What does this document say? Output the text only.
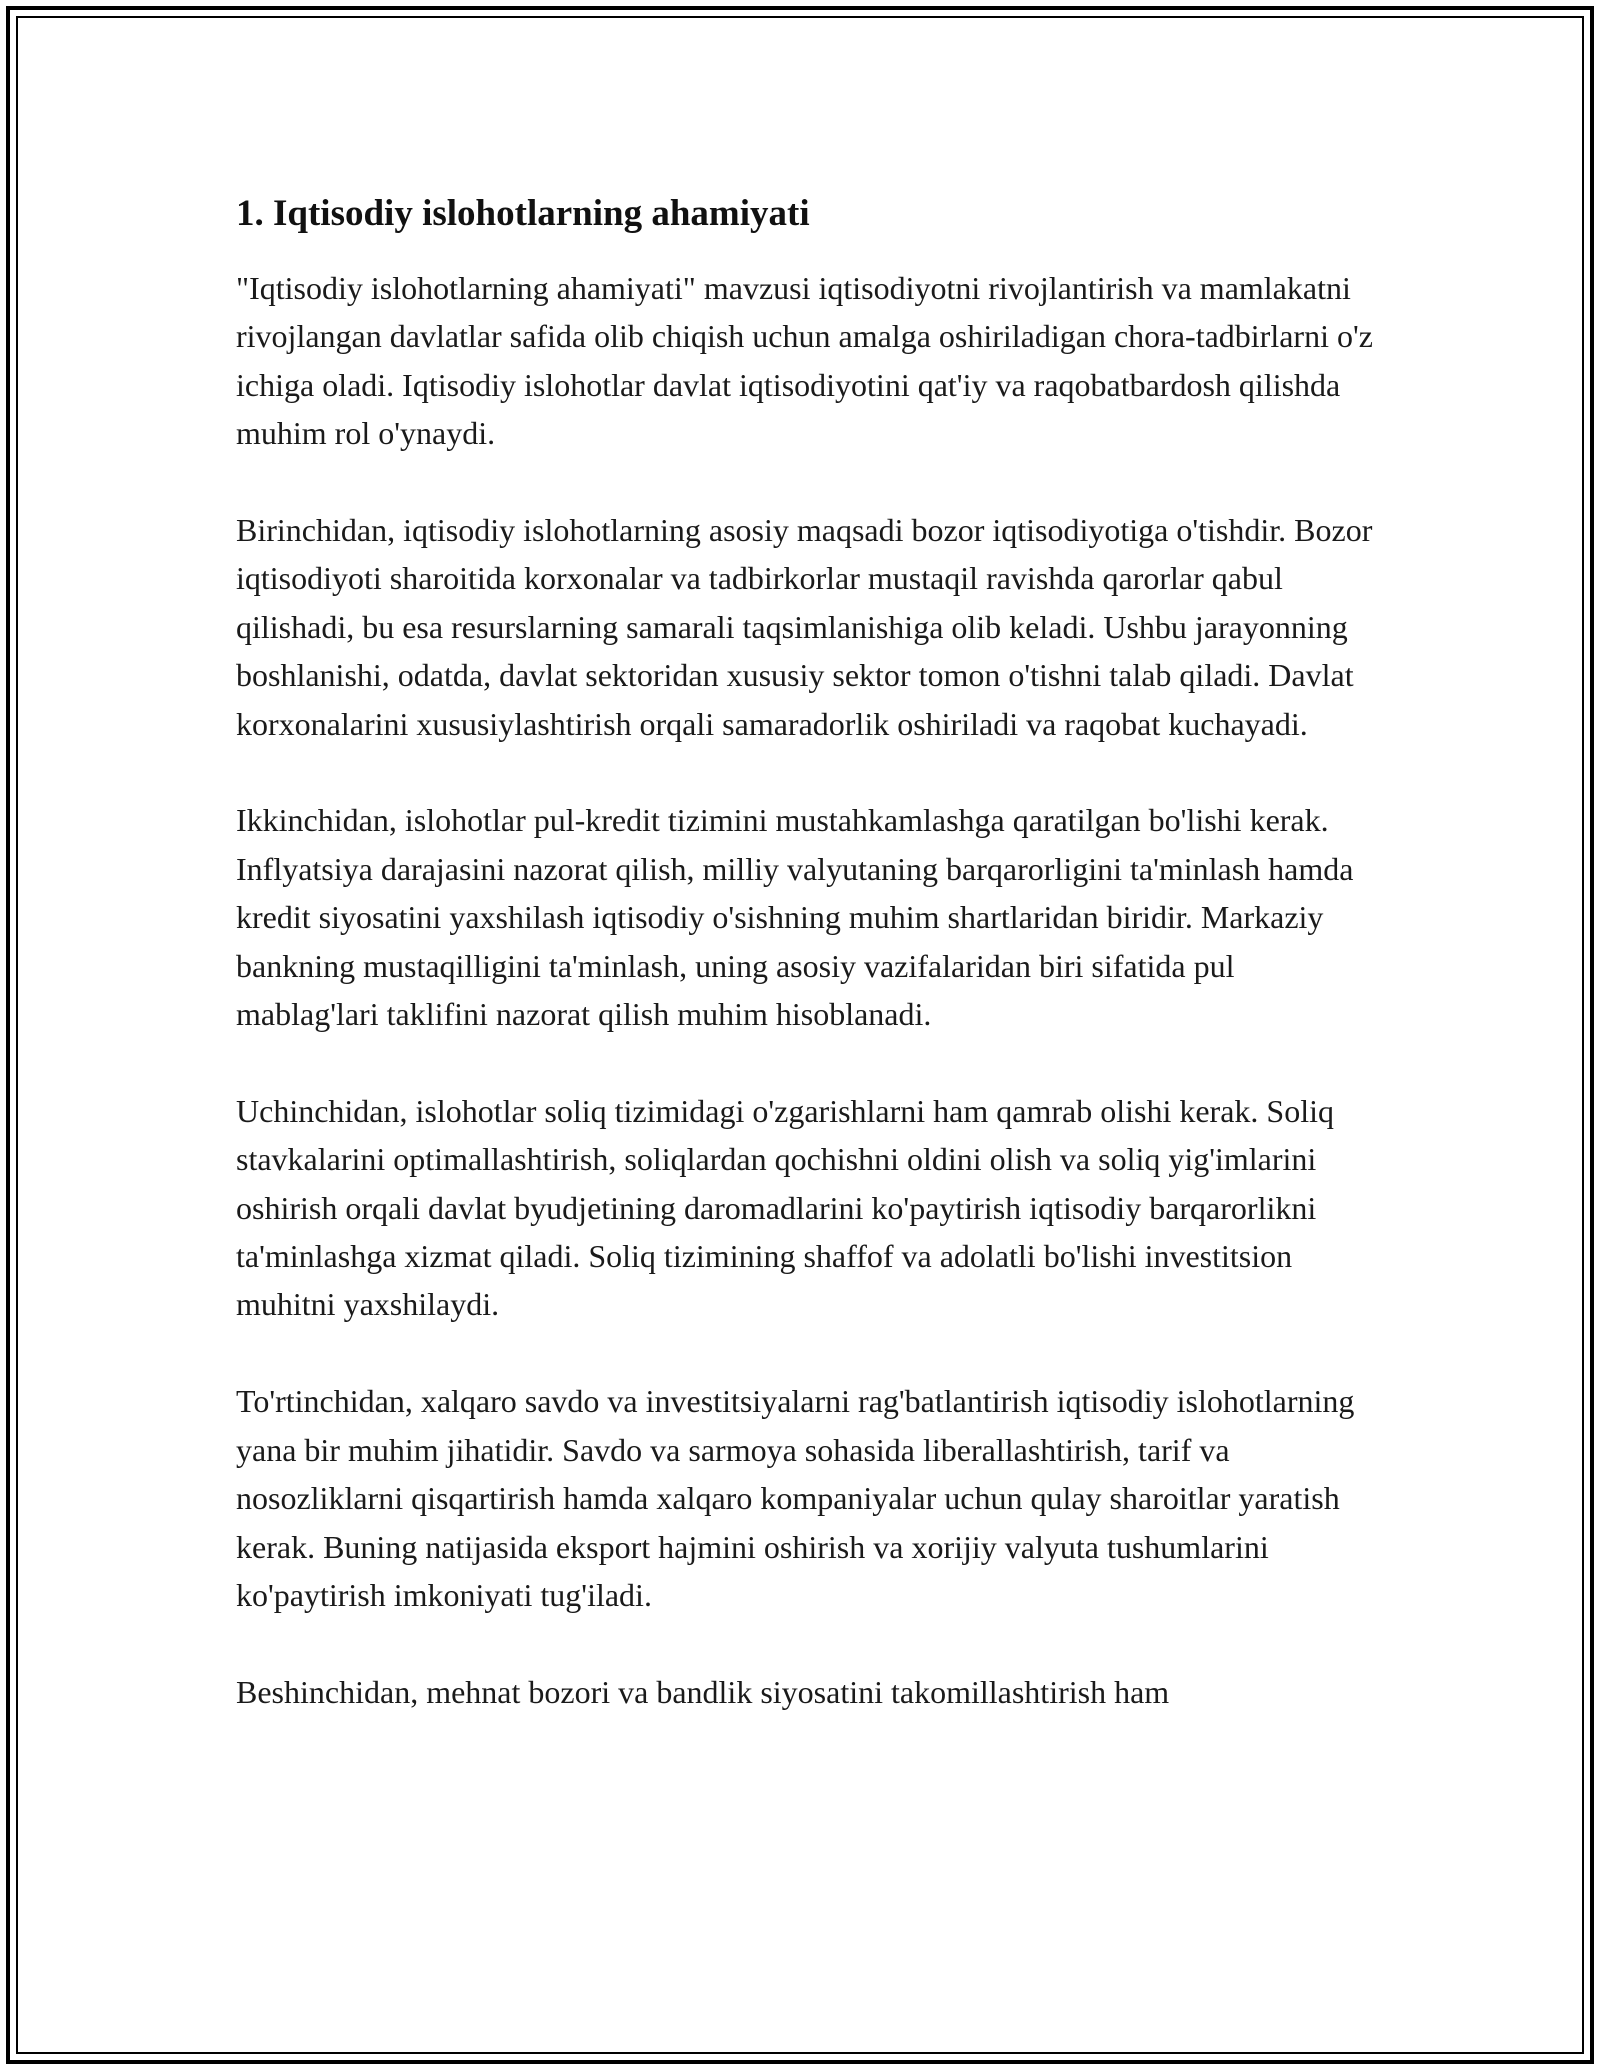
1. Iqtisodiy islohotlarning ahamiyati

"Iqtisodiy islohotlarning ahamiyati" mavzusi iqtisodiyotni rivojlantirish va mamlakatni rivojlangan davlatlar safida olib chiqish uchun amalga oshiriladigan chora-tadbirlarni o'z ichiga oladi. Iqtisodiy islohotlar davlat iqtisodiyotini qat'iy va raqobatbardosh qilishda muhim rol o'ynaydi.

Birinchidan, iqtisodiy islohotlarning asosiy maqsadi bozor iqtisodiyotiga o'tishdir. Bozor iqtisodiyoti sharoitida korxonalar va tadbirkorlar mustaqil ravishda qarorlar qabul qilishadi, bu esa resurslarning samarali taqsimlanishiga olib keladi. Ushbu jarayonning boshlanishi, odatda, davlat sektoridan xususiy sektor tomon o'tishni talab qiladi. Davlat korxonalarini xususiylashtirish orqali samaradorlik oshiriladi va raqobat kuchayadi.

Ikkinchidan, islohotlar pul-kredit tizimini mustahkamlashga qaratilgan bo'lishi kerak. Inflyatsiya darajasini nazorat qilish, milliy valyutaning barqarorligini ta'minlash hamda kredit siyosatini yaxshilash iqtisodiy o'sishning muhim shartlaridan biridir. Markaziy bankning mustaqilligini ta'minlash, uning asosiy vazifalaridan biri sifatida pul mablag'lari taklifini nazorat qilish muhim hisoblanadi.

Uchinchidan, islohotlar soliq tizimidagi o'zgarishlarni ham qamrab olishi kerak. Soliq stavkalarini optimallashtirish, soliqlardan qochishni oldini olish va soliq yig'imlarini oshirish orqali davlat byudjetining daromadlarini ko'paytirish iqtisodiy barqarorlikni ta'minlashga xizmat qiladi. Soliq tizimining shaffof va adolatli bo'lishi investitsion muhitni yaxshilaydi.

To'rtinchidan, xalqaro savdo va investitsiyalarni rag'batlantirish iqtisodiy islohotlarning yana bir muhim jihatidir. Savdo va sarmoya sohasida liberallashtirish, tarif va nosozliklarni qisqartirish hamda xalqaro kompaniyalar uchun qulay sharoitlar yaratish kerak. Buning natijasida eksport hajmini oshirish va xorijiy valyuta tushumlarini ko'paytirish imkoniyati tug'iladi.

Beshinchidan, mehnat bozori va bandlik siyosatini takomillashtirish ham
